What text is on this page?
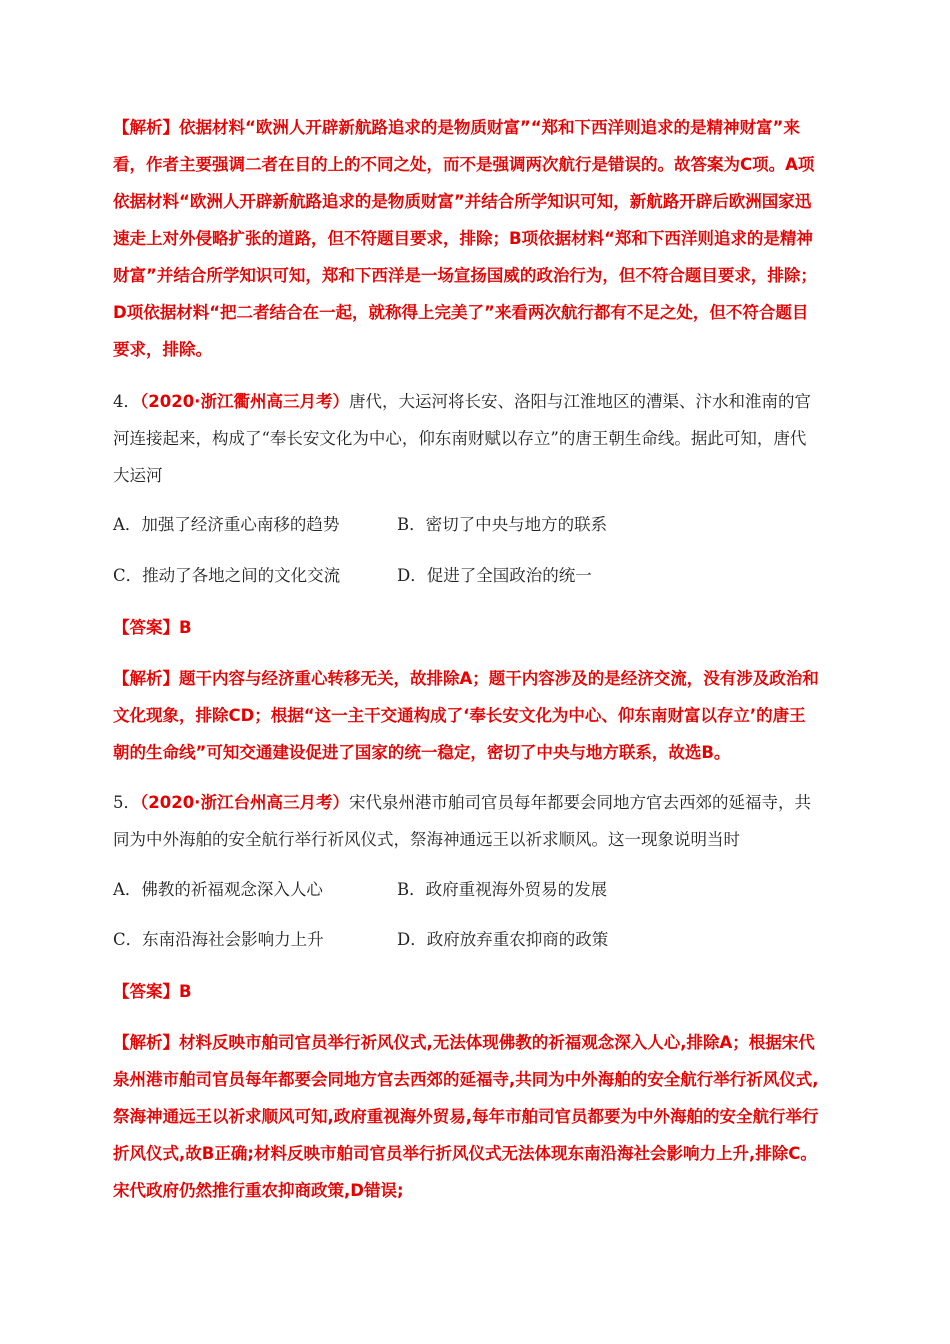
【解析】依据材料“欧洲人开辟新航路追求的是物质财富”“郑和下西洋则追求的是精神财富”来
看，作者主要强调二者在目的上的不同之处，而不是强调两次航行是错误的。故答案为C项。A项
依据材料“欧洲人开辟新航路追求的是物质财富”并结合所学知识可知，新航路开辟后欧洲国家迅
速走上对外侵略扩张的道路，但不符题目要求，排除；B项依据材料“郑和下西洋则追求的是精神
财富”并结合所学知识可知，郑和下西洋是一场宣扬国威的政治行为，但不符合题目要求，排除；
D项依据材料“把二者结合在一起，就称得上完美了”来看两次航行都有不足之处，但不符合题目
要求，排除。
4．（2020·浙江衢州高三月考）唐代，大运河将长安、洛阳与江淮地区的漕渠、汴水和淮南的官
河连接起来，构成了“奉长安文化为中心，仰东南财赋以存立”的唐王朝生命线。据此可知，唐代
大运河
A．加强了经济重心南移的趋势	B．密切了中央与地方的联系
C．推动了各地之间的文化交流	D．促进了全国政治的统一
【答案】B
【解析】题干内容与经济重心转移无关，故排除A；题干内容涉及的是经济交流，没有涉及政治和
文化现象，排除CD；根据“这一主干交通构成了‘奉长安文化为中心、仰东南财富以存立’的唐王
朝的生命线”可知交通建设促进了国家的统一稳定，密切了中央与地方联系，故选B。
5．（2020·浙江台州高三月考）宋代泉州港市舶司官员每年都要会同地方官去西郊的延福寺，共
同为中外海舶的安全航行举行祈风仪式，祭海神通远王以祈求顺风。这一现象说明当时
A．佛教的祈福观念深入人心	B．政府重视海外贸易的发展
C．东南沿海社会影响力上升	D．政府放弃重农抑商的政策
【答案】B
【解析】材料反映市舶司官员举行祈风仪式,无法体现佛教的祈福观念深入人心,排除A；根据宋代
泉州港市舶司官员每年都要会同地方官去西郊的延福寺,共同为中外海舶的安全航行举行祈风仪式,
祭海神通远王以祈求顺风可知,政府重视海外贸易,每年市舶司官员都要为中外海舶的安全航行举行
折风仪式,故B正确;材料反映市舶司官员举行折风仪式无法体现东南沿海社会影响力上升,排除C。
宋代政府仍然推行重农抑商政策,D错误;
